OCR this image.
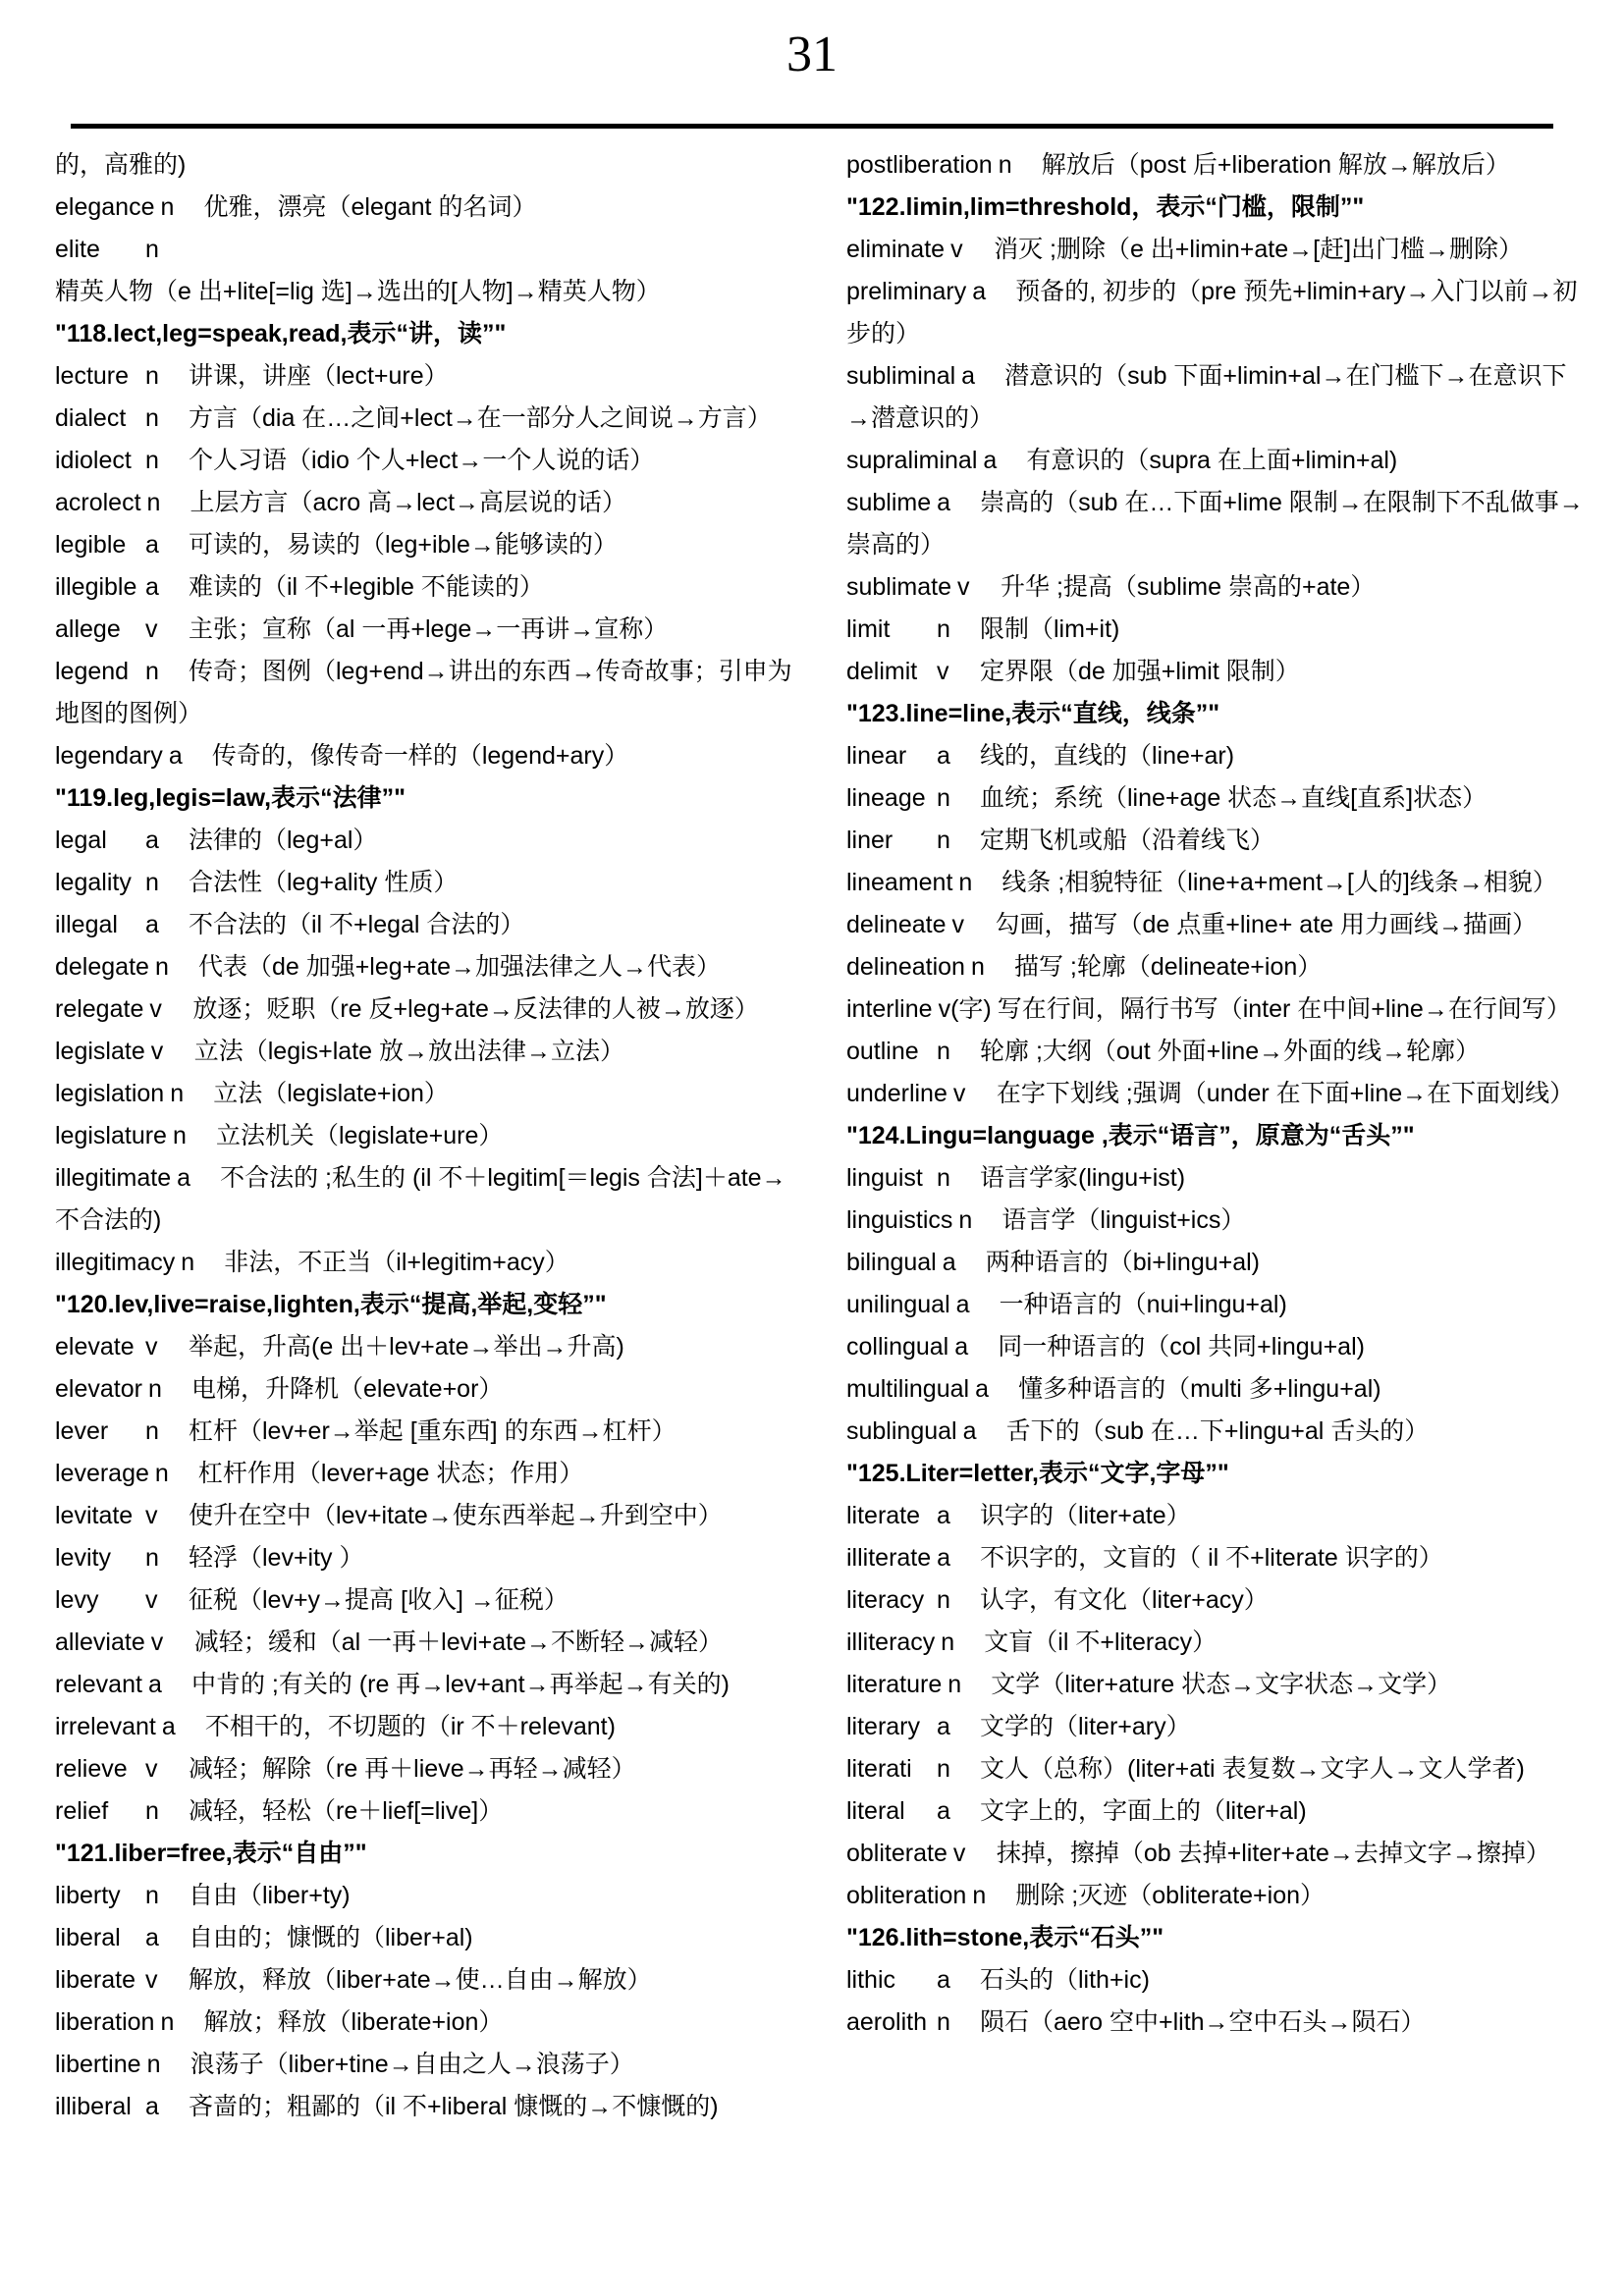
31
的，高雅的)
elegance n 优雅，漂亮（elegant 的名词）
elite n精英人物（e 出+lite[=lig 选]→选出的[人物]→精英人物）
"118.lect,leg=speak,read,表示“讲，读”"
lecture n 讲课，讲座（lect+ure）
dialect n 方言（dia 在…之间+lect→在一部分人之间说→方言）
idiolect n 个人习语（idio 个人+lect→一个人说的话）
acrolect n 上层方言（acro 高→lect→高层说的话）
legible a 可读的，易读的（leg+ible→能够读的）
illegible a 难读的（il 不+legible 不能读的）
allege v 主张；宣称（al 一再+lege→一再讲→宣称）
legend n 传奇；图例（leg+end→讲出的东西→传奇故事；引申为地图的图例）
legendary a 传奇的，像传奇一样的（legend+ary）
"119.leg,legis=law,表示“法律”"
legal a 法律的（leg+al）
legality n 合法性（leg+ality 性质）
illegal a 不合法的（il 不+legal 合法的）
delegate n 代表（de 加强+leg+ate→加强法律之人→代表）
relegate v 放逐；贬职（re 反+leg+ate→反法律的人被→放逐）
legislate v 立法（legis+late 放→放出法律→立法）
legislation n 立法（legislate+ion）
legislature n 立法机关（legislate+ure）
illegitimate a 不合法的 ;私生的 (il 不＋legitim[＝legis 合法]＋ate→不合法的)
illegitimacy n 非法，不正当（il+legitim+acy）
"120.lev,live=raise,lighten,表示“提高,举起,变轻”"
elevate v 举起，升高(e 出＋lev+ate→举出→升高)
elevator n 电梯，升降机（elevate+or）
lever n 杠杆（lev+er→举起 [重东西] 的东西→杠杆）
leverage n 杠杆作用（lever+age 状态；作用）
levitate v 使升在空中（lev+itate→使东西举起→升到空中）
levity n 轻浮（lev+ity ）
levy v 征税（lev+y→提高 [收入] →征税）
alleviate v 减轻；缓和（al 一再＋levi+ate→不断轻→减轻）
relevant a 中肯的 ;有关的 (re 再→lev+ant→再举起→有关的)
irrelevant a 不相干的，不切题的（ir 不＋relevant)
relieve v 减轻；解除（re 再＋lieve→再轻→减轻）
relief n 减轻，轻松（re＋lief[=live]）
"121.liber=free,表示“自由”"
liberty n 自由（liber+ty)
liberal a 自由的；慷慨的（liber+al)
liberate v 解放，释放（liber+ate→使…自由→解放）
liberation n 解放；释放（liberate+ion）
libertine n 浪荡子（liber+tine→自由之人→浪荡子）
illiberal a 吝啬的；粗鄙的（il 不+liberal 慷慨的→不慷慨的)
postliberation n 解放后（post 后+liberation 解放→解放后）
"122.limin,lim=threshold，表示“门槛，限制”"
eliminate v 消灭 ;删除（e 出+limin+ate→[赶]出门槛→删除）
preliminary a 预备的, 初步的（pre 预先+limin+ary→入门以前→初步的）
subliminal a 潜意识的（sub 下面+limin+al→在门槛下→在意识下→潜意识的）
supraliminal a 有意识的（supra 在上面+limin+al)
sublime a 崇高的（sub 在…下面+lime 限制→在限制下不乱做事→崇高的）
sublimate v 升华 ;提高（sublime 崇高的+ate）
limit n 限制（lim+it)
delimit v 定界限（de 加强+limit 限制）
"123.line=line,表示“直线，线条”"
linear a 线的，直线的（line+ar)
lineage n 血统；系统（line+age 状态→直线[直系]状态）
liner n 定期飞机或船（沿着线飞）
lineament n 线条 ;相貌特征（line+a+ment→[人的]线条→相貌）
delineate v 勾画，描写（de 点重+line+ ate 用力画线→描画）
delineation n 描写 ;轮廓（delineate+ion）
interline v(字) 写在行间，隔行书写（inter 在中间+line→在行间写）
outline n 轮廓 ;大纲（out 外面+line→外面的线→轮廓）
underline v 在字下划线 ;强调（under 在下面+line→在下面划线）
"124.Lingu=language ,表示“语言”，原意为“舌头”"
linguist n 语言学家(lingu+ist)
linguistics n 语言学（linguist+ics）
bilingual a 两种语言的（bi+lingu+al)
unilingual a 一种语言的（nui+lingu+al)
collingual a 同一种语言的（col 共同+lingu+al)
multilingual a 懂多种语言的（multi 多+lingu+al)
sublingual a 舌下的（sub 在…下+lingu+al 舌头的）
"125.Liter=letter,表示“文字,字母”"
literate a 识字的（liter+ate）
illiterate a 不识字的，文盲的（ il 不+literate 识字的）
literacy n 认字，有文化（liter+acy）
illiteracy n 文盲（il 不+literacy）
literature n 文学（liter+ature 状态→文字状态→文学）
literary a 文学的（liter+ary）
literati n 文人（总称）(liter+ati 表复数→文字人→文人学者)
literal a 文字上的，字面上的（liter+al)
obliterate v 抹掉，擦掉（ob 去掉+liter+ate→去掉文字→擦掉）
obliteration n 删除 ;灭迹（obliterate+ion）
"126.lith=stone,表示“石头”"
lithic a 石头的（lith+ic)
aerolith n 陨石（aero 空中+lith→空中石头→陨石）
